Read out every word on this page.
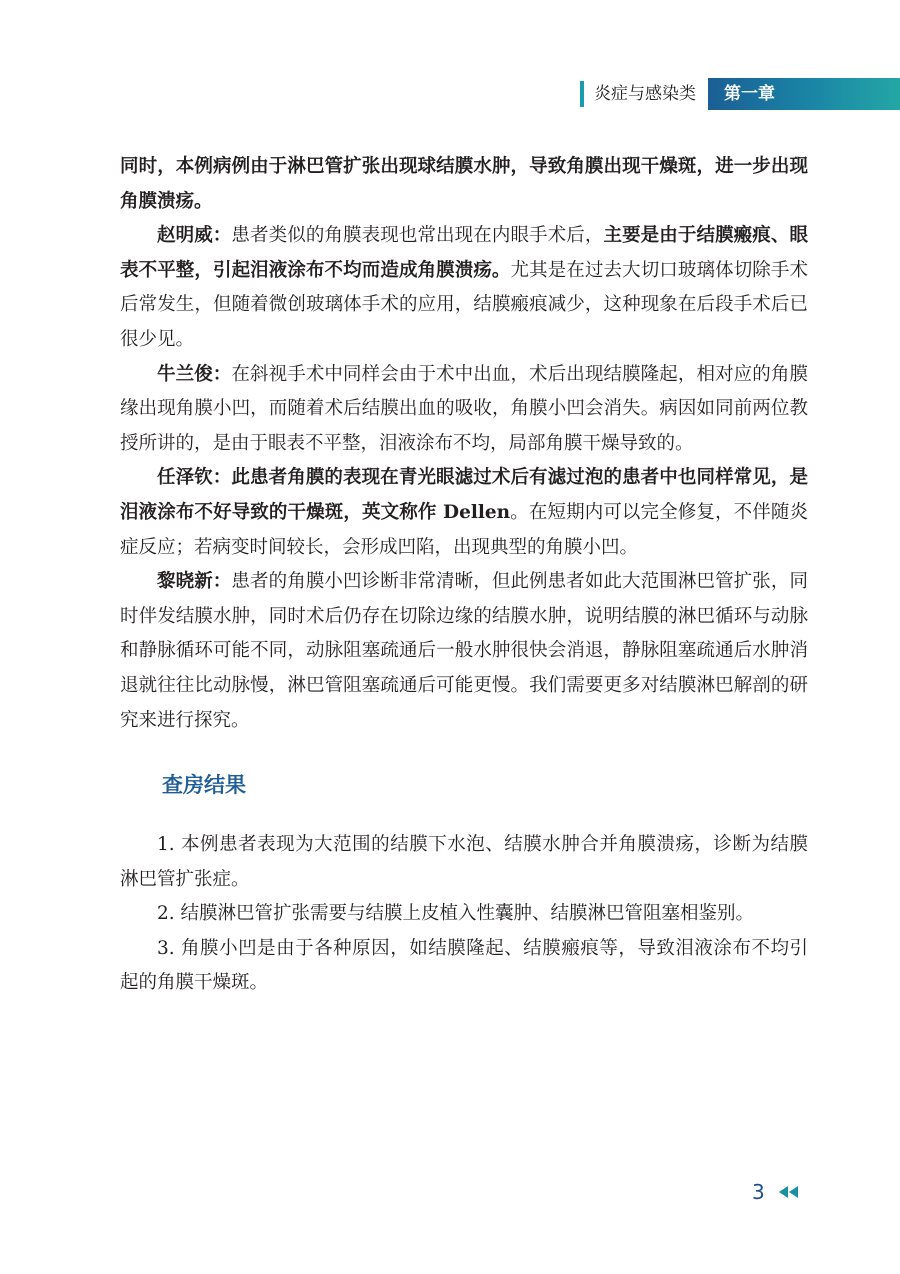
炎症与感染类	第一章

同时，本例病例由于淋巴管扩张出现球结膜水肿，导致角膜出现干燥斑，进一步出现角膜溃疡。

赵明威：患者类似的角膜表现也常出现在内眼手术后，主要是由于结膜瘢痕、眼表不平整，引起泪液涂布不均而造成角膜溃疡。尤其是在过去大切口玻璃体切除手术后常发生，但随着微创玻璃体手术的应用，结膜瘢痕减少，这种现象在后段手术后已很少见。

牛兰俊：在斜视手术中同样会由于术中出血，术后出现结膜隆起，相对应的角膜缘出现角膜小凹，而随着术后结膜出血的吸收，角膜小凹会消失。病因如同前两位教授所讲的，是由于眼表不平整，泪液涂布不均，局部角膜干燥导致的。

任泽钦：此患者角膜的表现在青光眼滤过术后有滤过泡的患者中也同样常见，是泪液涂布不好导致的干燥斑，英文称作 Dellen。在短期内可以完全修复，不伴随炎症反应；若病变时间较长，会形成凹陷，出现典型的角膜小凹。

黎晓新：患者的角膜小凹诊断非常清晰，但此例患者如此大范围淋巴管扩张，同时伴发结膜水肿，同时术后仍存在切除边缘的结膜水肿，说明结膜的淋巴循环与动脉和静脉循环可能不同，动脉阻塞疏通后一般水肿很快会消退，静脉阻塞疏通后水肿消退就往往比动脉慢，淋巴管阻塞疏通后可能更慢。我们需要更多对结膜淋巴解剖的研究来进行探究。

查房结果

1. 本例患者表现为大范围的结膜下水泡、结膜水肿合并角膜溃疡，诊断为结膜淋巴管扩张症。

2. 结膜淋巴管扩张需要与结膜上皮植入性囊肿、结膜淋巴管阻塞相鉴别。

3. 角膜小凹是由于各种原因，如结膜隆起、结膜瘢痕等，导致泪液涂布不均引起的角膜干燥斑。

3
